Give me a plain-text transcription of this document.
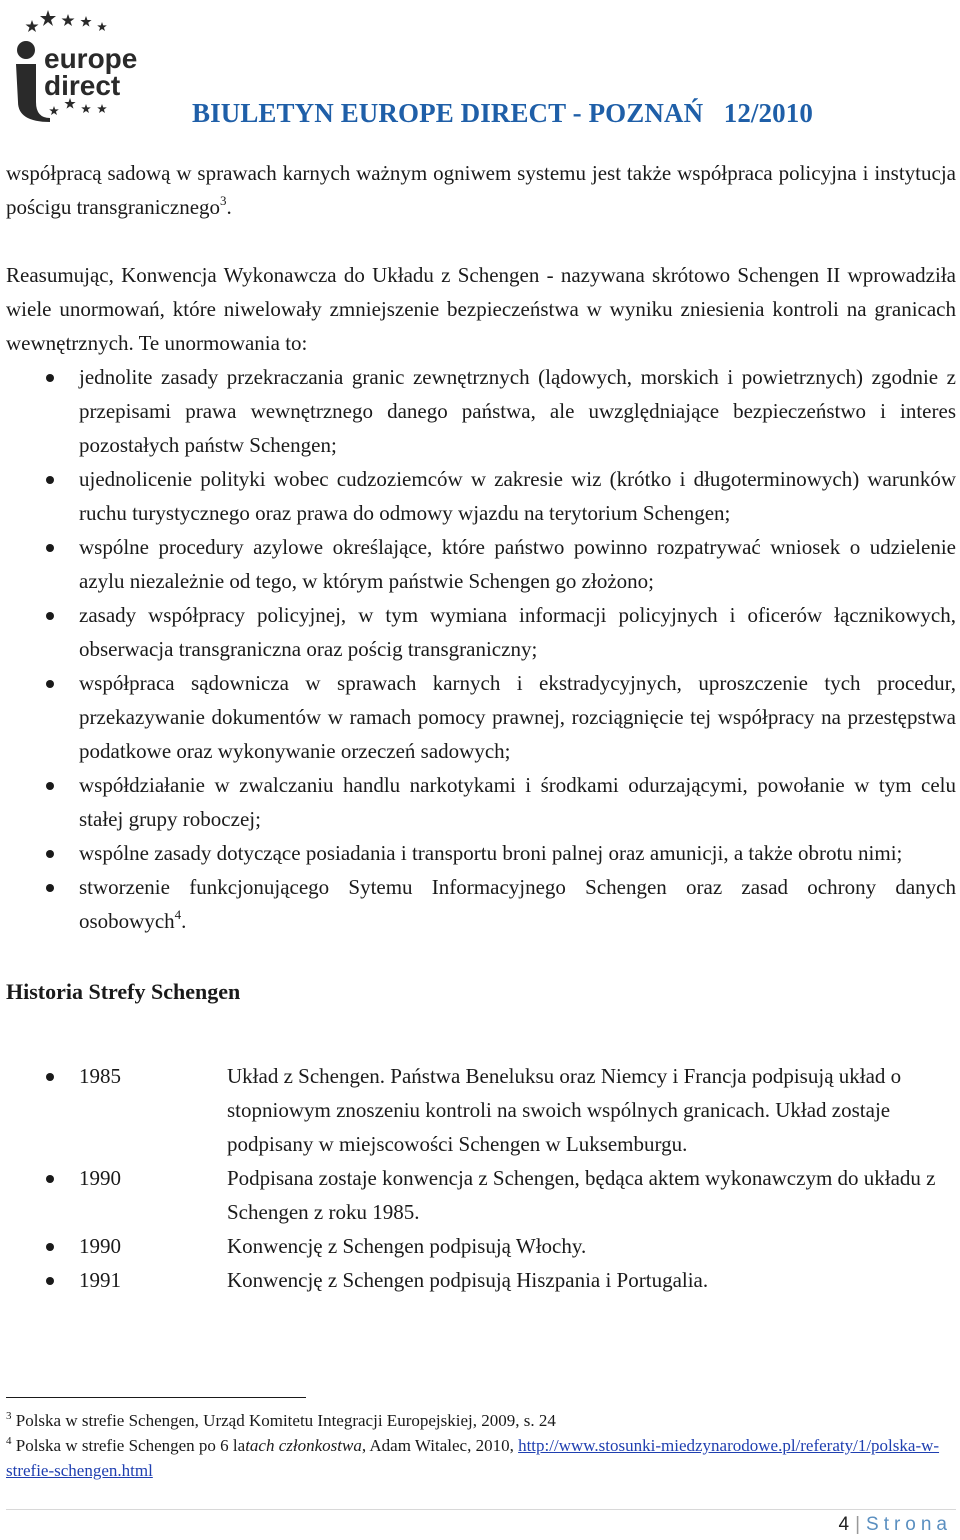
europe
direct
BIULETYN EUROPE DIRECT - POZNAŃ   12/2010

współpracą sadową w sprawach karnych ważnym ogniwem systemu jest także współpraca policyjna i instytucja pościgu transgranicznego$^3$.

Reasumując, Konwencja Wykonawcza do Układu z Schengen - nazywana skrótowo Schengen II wprowadziła wiele unormowań, które niwelowały zmniejszenie bezpieczeństwa w wyniku zniesienia kontroli na granicach wewnętrznych. Te unormowania to:

jednolite zasady przekraczania granic zewnętrznych (lądowych, morskich i powietrznych) zgodnie z przepisami prawa wewnętrznego danego państwa, ale uwzględniające bezpieczeństwo i interes pozostałych państw Schengen;
ujednolicenie polityki wobec cudzoziemców w zakresie wiz (krótko i długoterminowych) warunków ruchu turystycznego oraz prawa do odmowy wjazdu na terytorium Schengen;
wspólne procedury azylowe określające, które państwo powinno rozpatrywać wniosek o udzielenie azylu niezależnie od tego, w którym państwie Schengen go złożono;
zasady współpracy policyjnej, w tym wymiana informacji policyjnych i oficerów łącznikowych, obserwacja transgraniczna oraz pościg transgraniczny;
współpraca sądownicza w sprawach karnych i ekstradycyjnych, uproszczenie tych procedur, przekazywanie dokumentów w ramach pomocy prawnej, rozciągnięcie tej współpracy na przestępstwa podatkowe oraz wykonywanie orzeczeń sadowych;
współdziałanie w zwalczaniu handlu narkotykami i środkami odurzającymi, powołanie w tym celu stałej grupy roboczej;
wspólne zasady dotyczące posiadania i transportu broni palnej oraz amunicji, a także obrotu nimi;
stworzenie funkcjonującego Sytemu Informacyjnego Schengen oraz zasad ochrony danych osobowych$^4$.
Historia Strefy Schengen
1985	Układ z Schengen. Państwa Beneluksu oraz Niemcy i Francja podpisują układ o stopniowym znoszeniu kontroli na swoich wspólnych granicach. Układ zostaje podpisany w miejscowości Schengen w Luksemburgu.
1990	Podpisana zostaje konwencja z Schengen, będąca aktem wykonawczym do układu z Schengen z roku 1985.
1990	Konwencję z Schengen podpisują Włochy.
1991	Konwencję z Schengen podpisują Hiszpania i Portugalia.
$^3$ Polska w strefie Schengen, Urząd Komitetu Integracji Europejskiej, 2009, s. 24
$^4$ Polska w strefie Schengen po 6 latach członkostwa, Adam Witalec, 2010, http://www.stosunki-miedzynarodowe.pl/referaty/1/polska-w-strefie-schengen.html
4 | Strona
